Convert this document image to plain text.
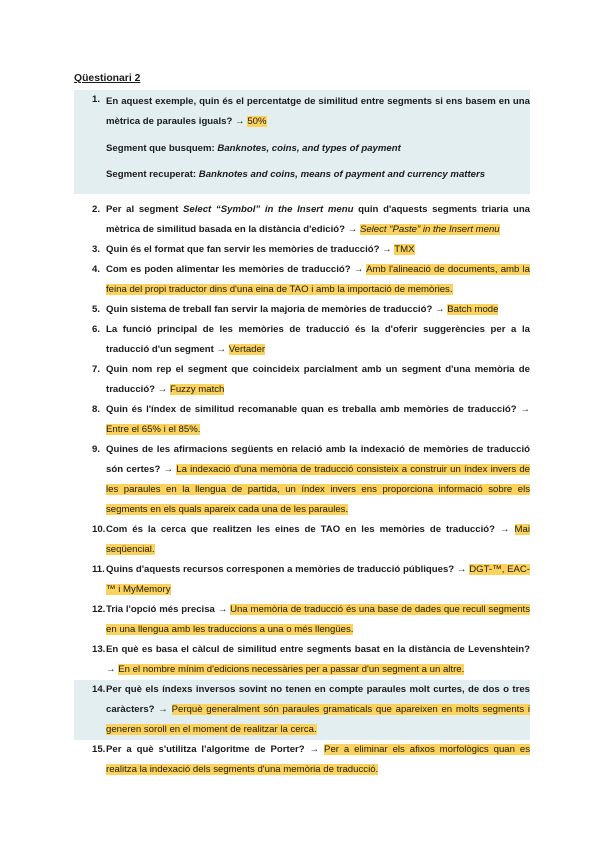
Qüestionari 2
1. En aquest exemple, quin és el percentatge de similitud entre segments si ens basem en una mètrica de paraules iguals? → 50%
Segment que busquem: Banknotes, coins, and types of payment
Segment recuperat: Banknotes and coins, means of payment and currency matters
2. Per al segment Select “Symbol” in the Insert menu quin d'aquests segments triaria una mètrica de similitud basada en la distància d'edició? → Select “Paste” in the Insert menu
3. Quin és el format que fan servir les memòries de traducció? → TMX
4. Com es poden alimentar les memòries de traducció? → Amb l'alineació de documents, amb la feina del propi traductor dins d'una eina de TAO i amb la importació de memòries.
5. Quin sistema de treball fan servir la majoria de memòries de traducció? → Batch mode
6. La funció principal de les memòries de traducció és la d'oferir suggerències per a la traducció d'un segment → Vertader
7. Quin nom rep el segment que coincideix parcialment amb un segment d'una memòria de traducció? → Fuzzy match
8. Quin és l'índex de similitud recomanable quan es treballa amb memòries de traducció? → Entre el 65% i el 85%.
9. Quines de les afirmacions següents en relació amb la indexació de memòries de traducció són certes? → La indexació d'una memòria de traducció consisteix a construir un índex invers de les paraules en la llengua de partida, un índex invers ens proporciona informació sobre els segments en els quals apareix cada una de les paraules.
10. Com és la cerca que realitzen les eines de TAO en les memòries de traducció? → Mai seqüencial.
11. Quins d'aquests recursos corresponen a memòries de traducció públiques? → DGT-™, EAC-™ i MyMemory
12. Tria l'opció més precisa → Una memòria de traducció és una base de dades que recull segments en una llengua amb les traduccions a una o més llengües.
13. En què es basa el càlcul de similitud entre segments basat en la distància de Levenshtein? → En el nombre mínim d'edicions necessàries per a passar d'un segment a un altre.
14. Per què els índexs inversos sovint no tenen en compte paraules molt curtes, de dos o tres caràcters? → Perquè generalment són paraules gramaticals que apareixen en molts segments i generen soroll en el moment de realitzar la cerca.
15. Per a què s'utilitza l'algoritme de Porter? → Per a eliminar els afixos morfològics quan es realitza la indexació dels segments d'una memòria de traducció.
